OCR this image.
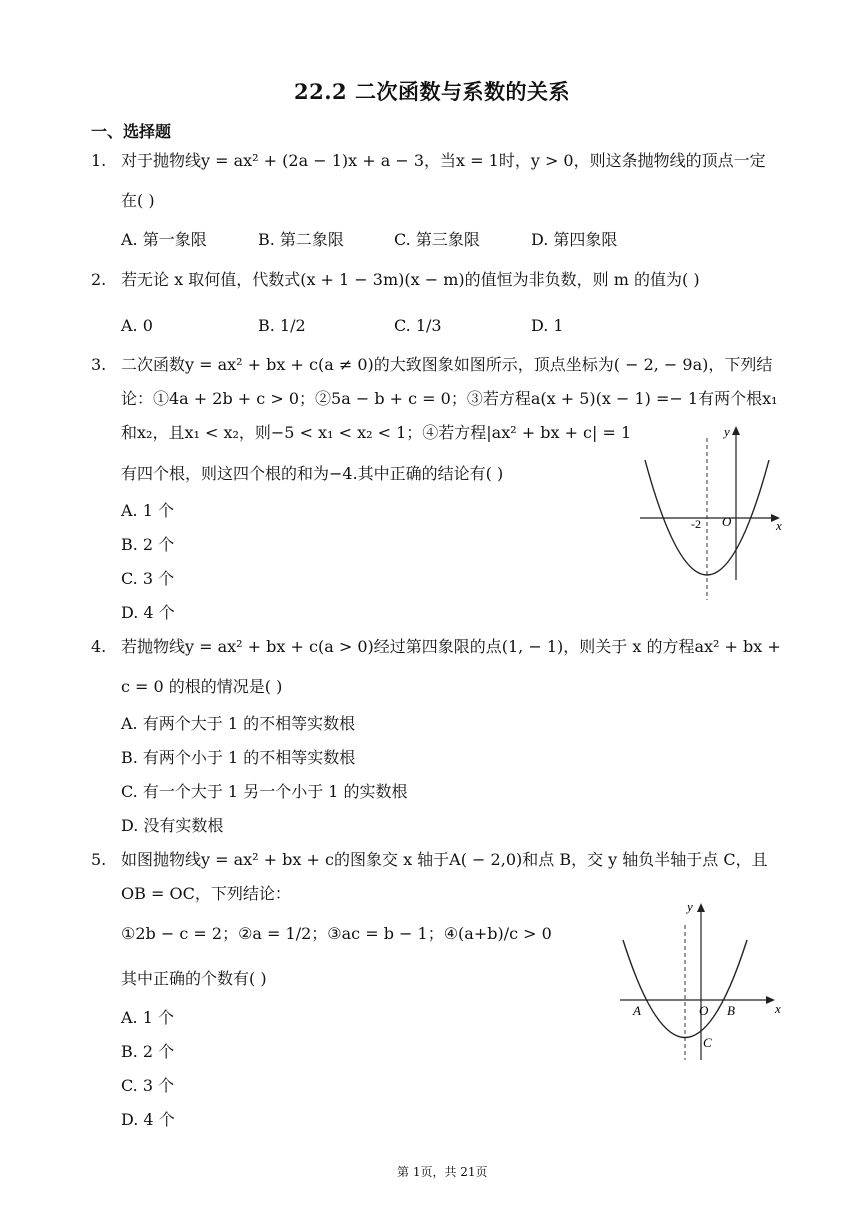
22.2 二次函数与系数的关系
一、选择题
1. 对于抛物线y = ax² + (2a − 1)x + a − 3，当x = 1时，y > 0，则这条抛物线的顶点一定
在( )
A. 第一象限	B. 第二象限	C. 第三象限	D. 第四象限
2. 若无论 x 取何值，代数式(x + 1 − 3m)(x − m)的值恒为非负数，则 m 的值为( )
A. 0	B. 1/2	C. 1/3	D. 1
3. 二次函数y = ax² + bx + c(a ≠ 0)的大致图象如图所示，顶点坐标为( − 2, − 9a)，下列结
论：①4a + 2b + c > 0；②5a − b + c = 0；③若方程a(x + 5)(x − 1) =− 1有两个根x₁
和x₂，且x₁ < x₂，则−5 < x₁ < x₂ < 1；④若方程|ax² + bx + c| = 1
有四个根，则这四个根的和为−4.其中正确的结论有( )
A. 1 个
B. 2 个
C. 3 个
D. 4 个
y
x
O
-2
4. 若抛物线y = ax² + bx + c(a > 0)经过第四象限的点(1, − 1)，则关于 x 的方程ax² + bx +
c = 0 的根的情况是( )
A. 有两个大于 1 的不相等实数根
B. 有两个小于 1 的不相等实数根
C. 有一个大于 1 另一个小于 1 的实数根
D. 没有实数根
5. 如图抛物线y = ax² + bx + c的图象交 x 轴于A( − 2,0)和点 B，交 y 轴负半轴于点 C，且
OB = OC，下列结论：
①2b − c = 2；②a = 1/2；③ac = b − 1；④(a+b)/c > 0
其中正确的个数有( )
A. 1 个
B. 2 个
C. 3 个
D. 4 个
y
x
O
A	B
C
第 1页，共 21页
